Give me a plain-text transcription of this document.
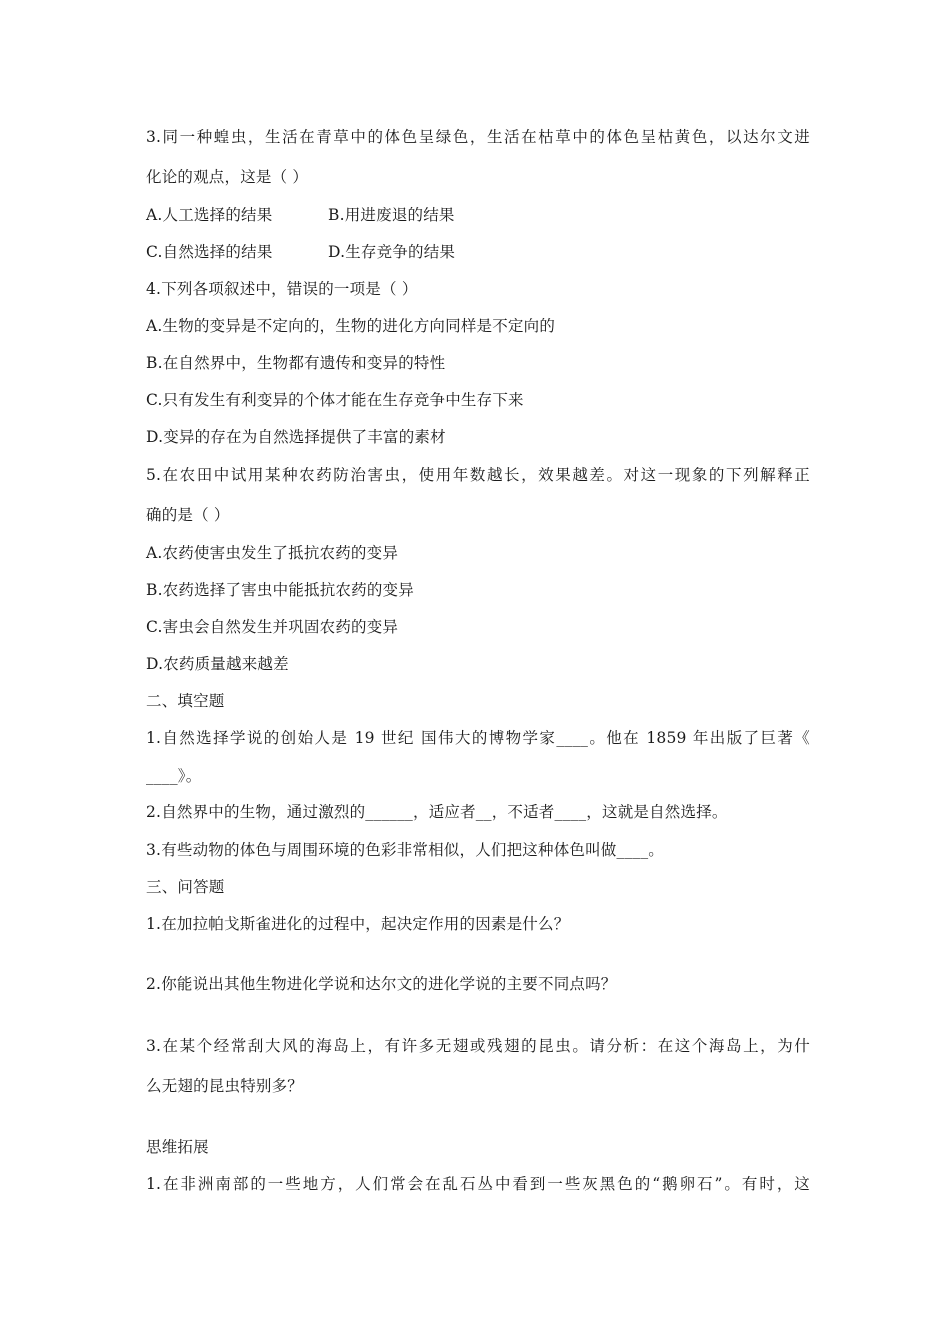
3.同一种蝗虫，生活在青草中的体色呈绿色，生活在枯草中的体色呈枯黄色，以达尔文进
化论的观点，这是（ ）
A.人工选择的结果	B.用进废退的结果
C.自然选择的结果	D.生存竞争的结果
4.下列各项叙述中，错误的一项是（ ）
A.生物的变异是不定向的，生物的进化方向同样是不定向的
B.在自然界中，生物都有遗传和变异的特性
C.只有发生有利变异的个体才能在生存竞争中生存下来
D.变异的存在为自然选择提供了丰富的素材
5.在农田中试用某种农药防治害虫，使用年数越长，效果越差。对这一现象的下列解释正
确的是（ ）
A.农药使害虫发生了抵抗农药的变异
B.农药选择了害虫中能抵抗农药的变异
C.害虫会自然发生并巩固农药的变异
D.农药质量越来越差
二、填空题
1.自然选择学说的创始人是 19 世纪 国伟大的博物学家____。他在 1859 年出版了巨著《
____》。
2.自然界中的生物，通过激烈的______，适应者__，不适者____，这就是自然选择。
3.有些动物的体色与周围环境的色彩非常相似，人们把这种体色叫做____。
三、问答题
1.在加拉帕戈斯雀进化的过程中，起决定作用的因素是什么？
2.你能说出其他生物进化学说和达尔文的进化学说的主要不同点吗？
3.在某个经常刮大风的海岛上，有许多无翅或残翅的昆虫。请分析：在这个海岛上，为什
么无翅的昆虫特别多？
思维拓展
1.在非洲南部的一些地方，人们常会在乱石丛中看到一些灰黑色的“鹅卵石”。有时，这
